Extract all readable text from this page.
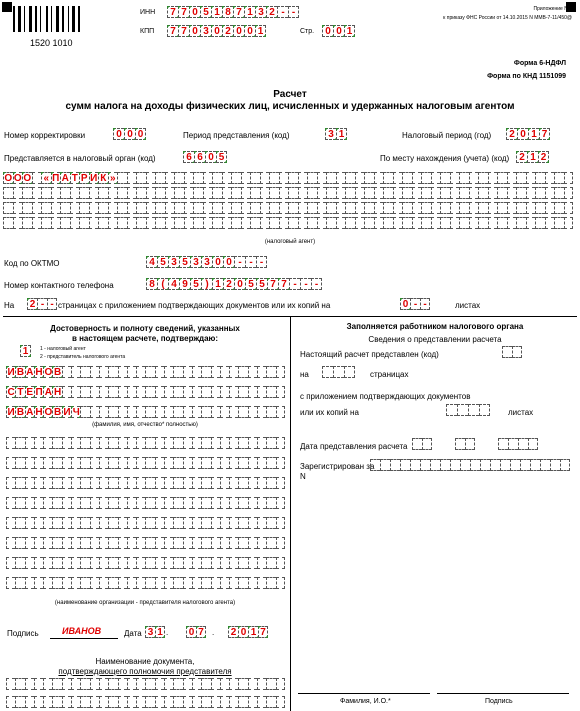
1520 1010
ИНН	7 7 0 5 1 8 7 1 3 2 - -
КПП	7 7 0 3 0 2 0 0 1	Стр.	0 0 1
Приложение N 1
к приказу ФНС России от 14.10.2015 N ММВ-7-11/450@
Форма 6-НДФЛ
Форма по КНД 1151099
Расчет
сумм налога на доходы физических лиц, исчисленных и удержанных налоговым агентом
Номер корректировки	0 0 0	Период представления (код)	3 1	Налоговый период (год)	2 0 1 7
Представляется в налоговый орган (код)	6 6 0 5	По месту нахождения (учета) (код)	2 1 2
О О О « П А Т Р И К »
(налоговый агент)
Код по ОКТМО	4 5 3 5 3 3 0 0 - - -
Номер контактного телефона	8 ( 4 9 5 ) 1 2 0 5 5 7 7 - - -
На 2 - - страницах с приложением подтверждающих документов или их копий на	0 - -	листах
Достоверность и полноту сведений, указанных
в настоящем расчете, подтверждаю:
1	1 - налоговый агент
2 - представитель налогового агента
И В А Н О В
С Т Е П А Н
И В А Н О В И Ч
(фамилия, имя, отчество* полностью)
(наименование организации - представителя налогового агента)
Подпись	ИВАНОВ	Дата 3 1 . 0 7 . 2 0 1 7
Наименование документа,
подтверждающего полномочия представителя
Заполняется работником налогового органа
Сведения о представлении расчета
Настоящий расчет представлен (код)
на	страницах
с приложением подтверждающих документов
или их копий на	листах
Дата представления расчета
Зарегистрирован за
N
Фамилия, И.О.*	Подпись
